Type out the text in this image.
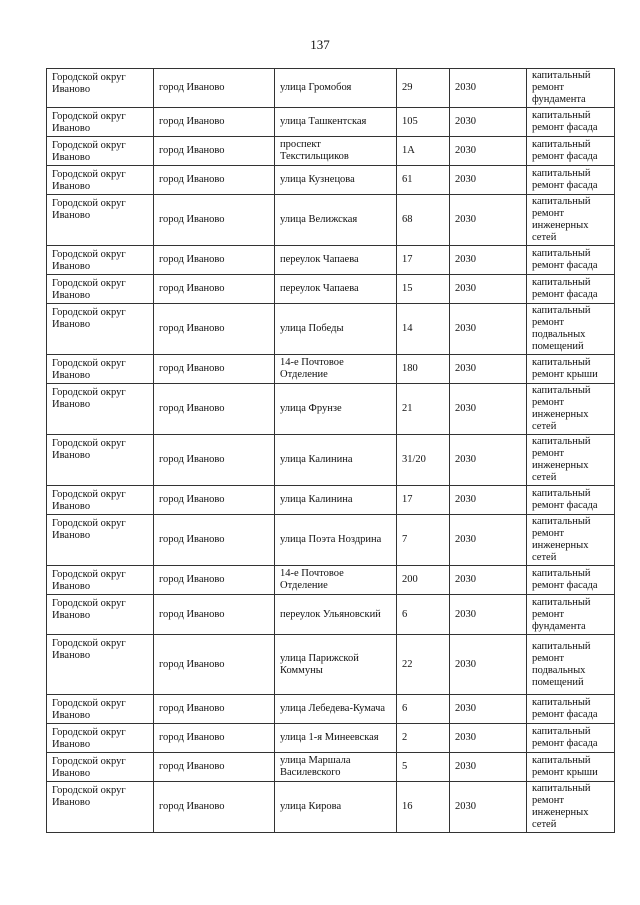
137
Городской округ Иваново	город Иваново	улица Громобоя	29	2030	капитальный ремонт фундамента
Городской округ Иваново	город Иваново	улица Ташкентская	105	2030	капитальный ремонт фасада
Городской округ Иваново	город Иваново	проспект Текстильщиков	1А	2030	капитальный ремонт фасада
Городской округ Иваново	город Иваново	улица Кузнецова	61	2030	капитальный ремонт фасада
Городской округ Иваново	город Иваново	улица Велижская	68	2030	капитальный ремонт инженерных сетей
Городской округ Иваново	город Иваново	переулок Чапаева	17	2030	капитальный ремонт фасада
Городской округ Иваново	город Иваново	переулок Чапаева	15	2030	капитальный ремонт фасада
Городской округ Иваново	город Иваново	улица Победы	14	2030	капитальный ремонт подвальных помещений
Городской округ Иваново	город Иваново	14-е Почтовое Отделение	180	2030	капитальный ремонт крыши
Городской округ Иваново	город Иваново	улица Фрунзе	21	2030	капитальный ремонт инженерных сетей
Городской округ Иваново	город Иваново	улица Калинина	31/20	2030	капитальный ремонт инженерных сетей
Городской округ Иваново	город Иваново	улица Калинина	17	2030	капитальный ремонт фасада
Городской округ Иваново	город Иваново	улица Поэта Ноздрина	7	2030	капитальный ремонт инженерных сетей
Городской округ Иваново	город Иваново	14-е Почтовое Отделение	200	2030	капитальный ремонт фасада
Городской округ Иваново	город Иваново	переулок Ульяновский	6	2030	капитальный ремонт фундамента
Городской округ Иваново	город Иваново	улица Парижской Коммуны	22	2030	капитальный ремонт подвальных помещений
Городской округ Иваново	город Иваново	улица Лебедева-Кумача	6	2030	капитальный ремонт фасада
Городской округ Иваново	город Иваново	улица 1-я Минеевская	2	2030	капитальный ремонт фасада
Городской округ Иваново	город Иваново	улица Маршала Василевского	5	2030	капитальный ремонт крыши
Городской округ Иваново	город Иваново	улица Кирова	16	2030	капитальный ремонт инженерных сетей
